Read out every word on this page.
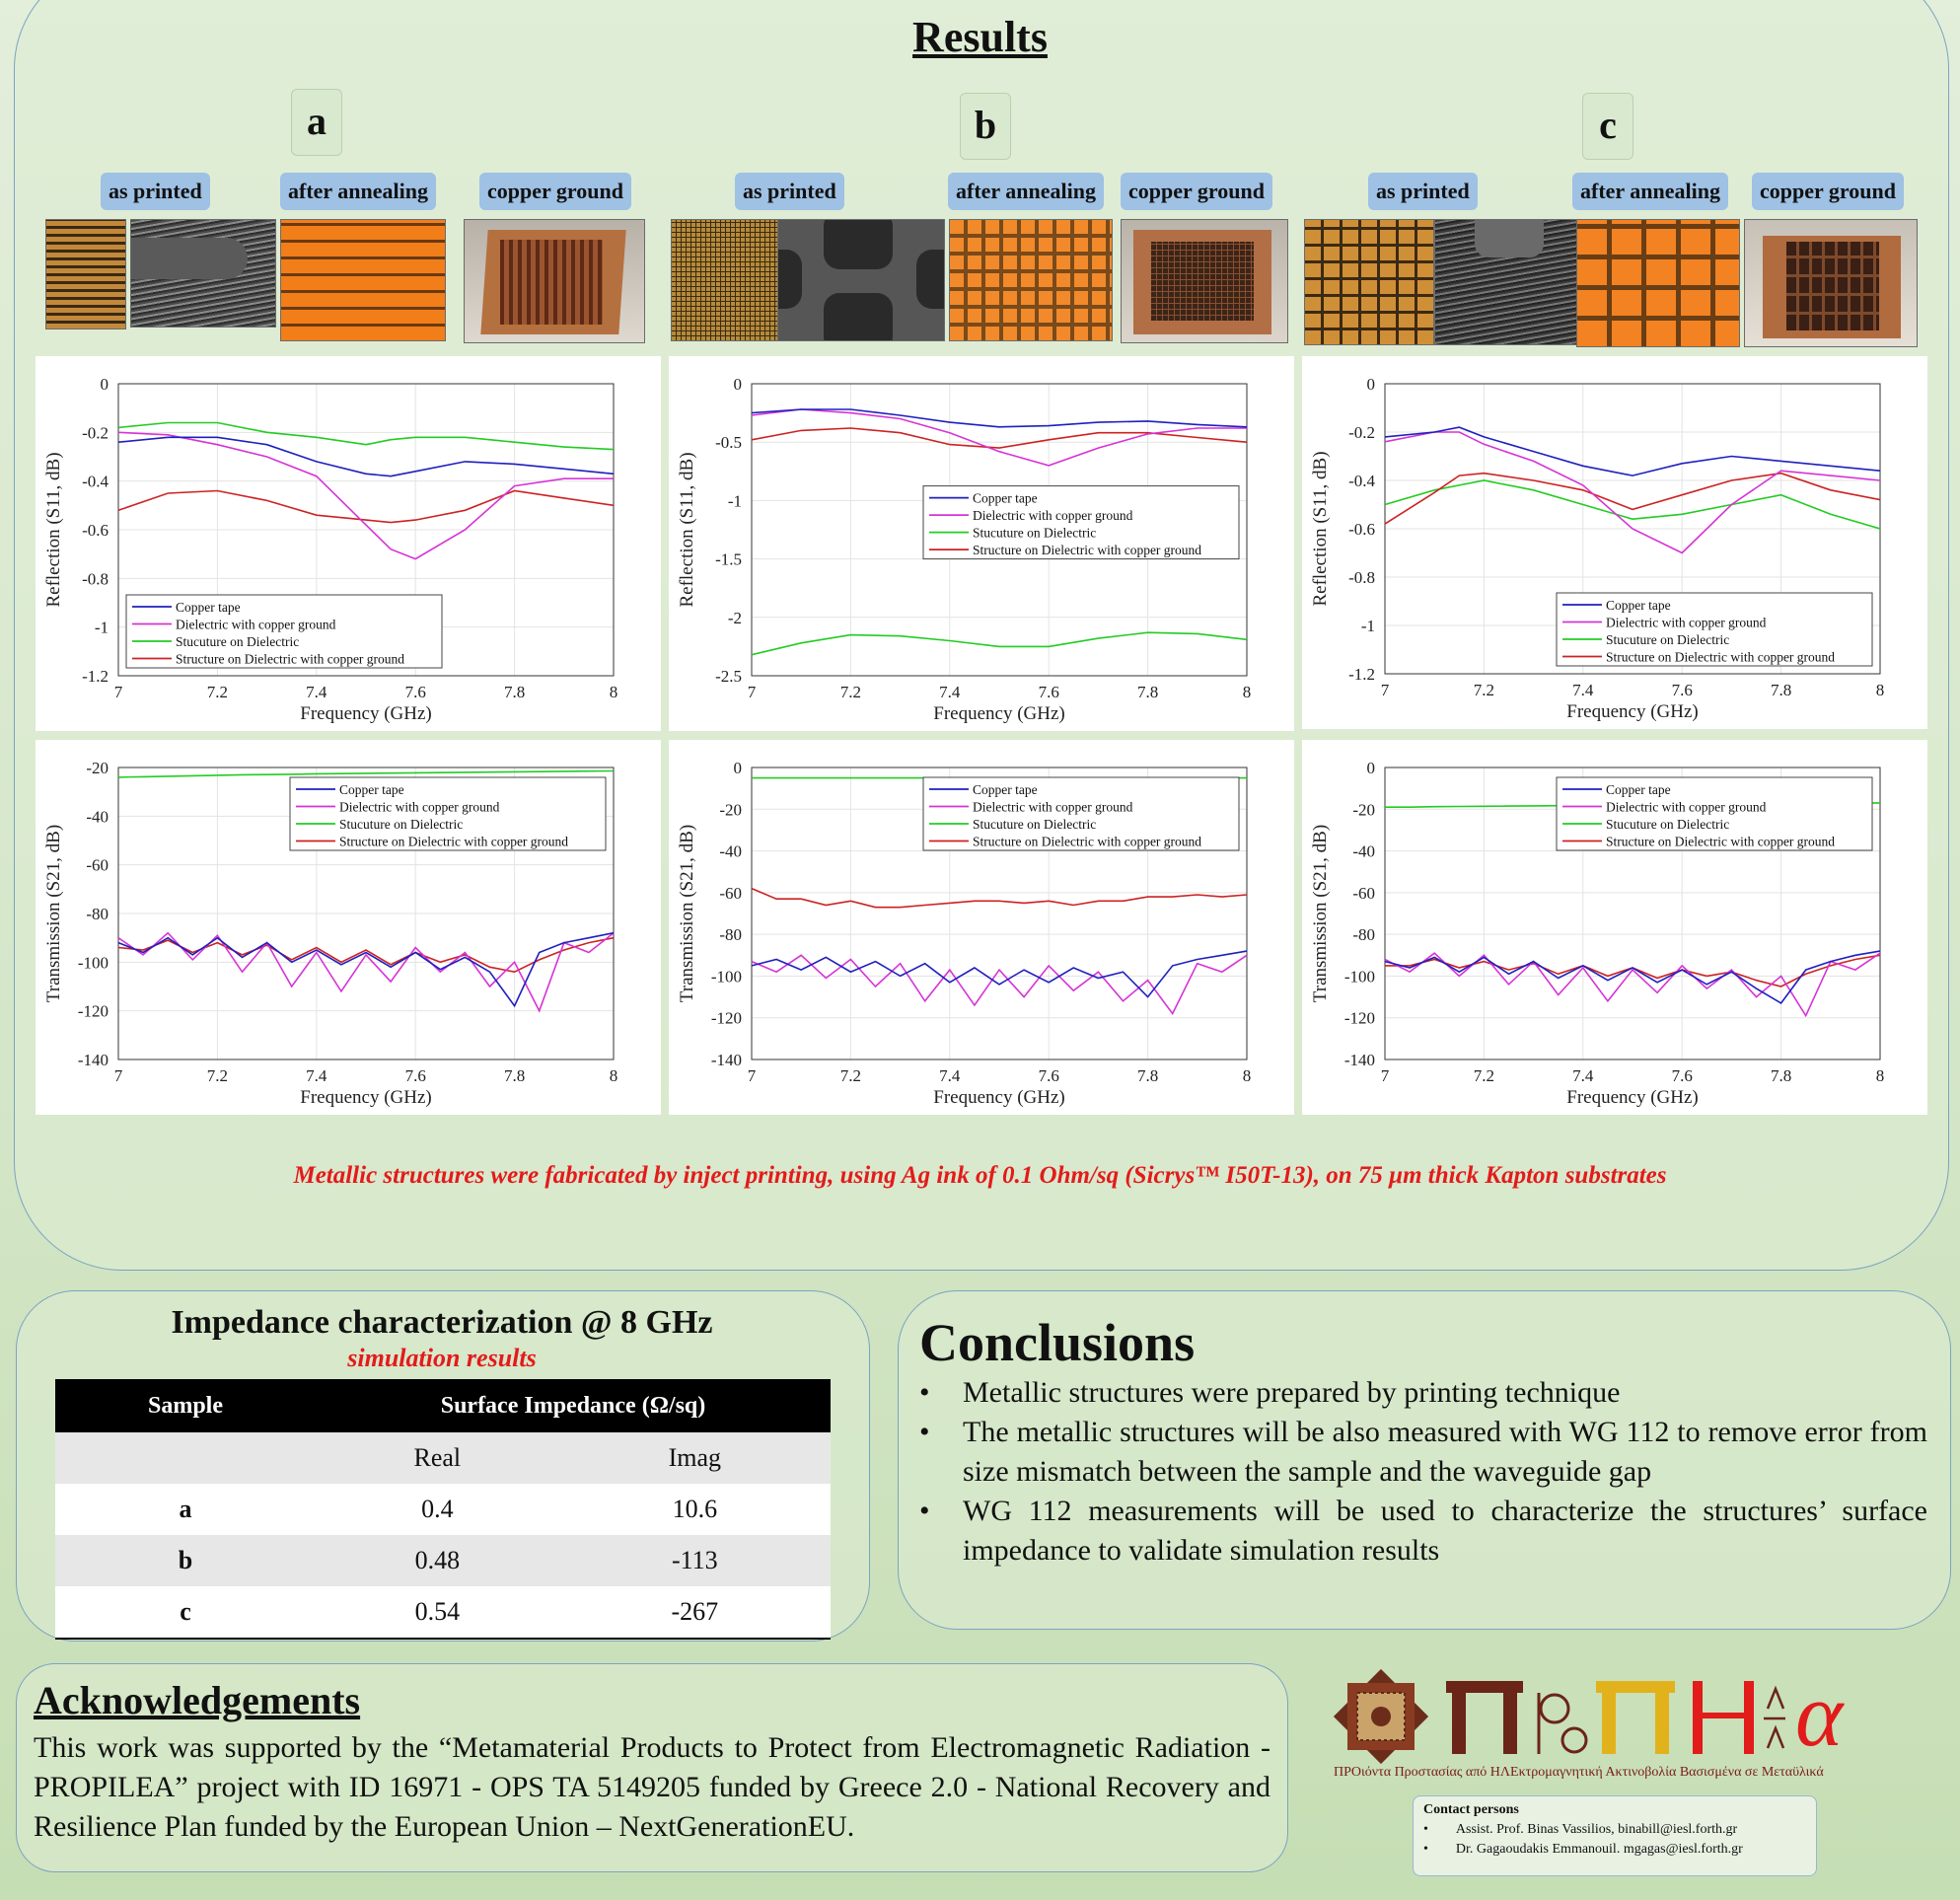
Results
a	b	c
as printed	after annealing	copper ground	as printed	after annealing	copper ground	as printed	after annealing	copper ground
7	7.2	7.4	7.6	7.8	8
-1.2
-1
-0.8
-0.6
-0.4
-0.2
0
Frequency (GHz)
Reflection (S11, dB)	Copper tape
Dielectric with copper ground
Stucuture on Dielectric
Structure on Dielectric with copper ground
7	7.2	7.4	7.6	7.8	8
-2.5
-2
-1.5
-1
-0.5
0
Frequency (GHz)
Reflection (S11, dB)	Copper tape
Dielectric with copper ground
Stucuture on Dielectric
Structure on Dielectric with copper ground
7	7.2	7.4	7.6	7.8	8
-1.2
-1
-0.8
-0.6
-0.4
-0.2
0
Frequency (GHz)
Reflection (S11, dB)	Copper tape
Dielectric with copper ground
Stucuture on Dielectric
Structure on Dielectric with copper ground
7	7.2	7.4	7.6	7.8	8
-140
-120
-100
-80
-60
-40
-20
Frequency (GHz)
Transmission (S21, dB)
Copper tape
Dielectric with copper ground
Stucuture on Dielectric
Structure on Dielectric with copper ground
7	7.2	7.4	7.6	7.8	8
-140
-120
-100
-80
-60
-40
-20
0
Frequency (GHz)
Transmission (S21, dB)
Copper tape
Dielectric with copper ground
Stucuture on Dielectric
Structure on Dielectric with copper ground
7	7.2	7.4	7.6	7.8	8
-140
-120
-100
-80
-60
-40
-20
0
Frequency (GHz)
Transmission (S21, dB)
Copper tape
Dielectric with copper ground
Stucuture on Dielectric
Structure on Dielectric with copper ground
Metallic structures were fabricated by inject printing, using Ag ink of 0.1 Ohm/sq (Sicrys™ I50T-13), on 75 μm thick Kapton substrates
Impedance characterization @ 8 GHz
simulation results
Sample	Surface Impedance (Ω/sq)	
	Real	Imag
a	0.4	10.6
b	0.48	-113
c	0.54	-267
Conclusions
• Metallic structures were prepared by printing technique
• The metallic structures will be also measured with WG 112 to remove error from size mismatch between the sample and the waveguide gap
• WG 112 measurements will be used to characterize the structures’ surface impedance to validate simulation results
Acknowledgements
This work was supported by the “Metamaterial Products to Protect from Electromagnetic Radiation - PROPILEA” project with ID 16971 - OPS TA 5149205 funded by Greece 2.0 - National Recovery and Resilience Plan funded by the European Union – NextGenerationEU.
α
ΠΡΟιόντα Προστασίας από ΗΛΕκτρομαγνητική Ακτινοβολία Βασισμένα σε Μεταϋλικά
Contact persons
•        Assist. Prof. Binas Vassilios, binabill@iesl.forth.gr
•        Dr. Gagaoudakis Emmanouil. mgagas@iesl.forth.gr
